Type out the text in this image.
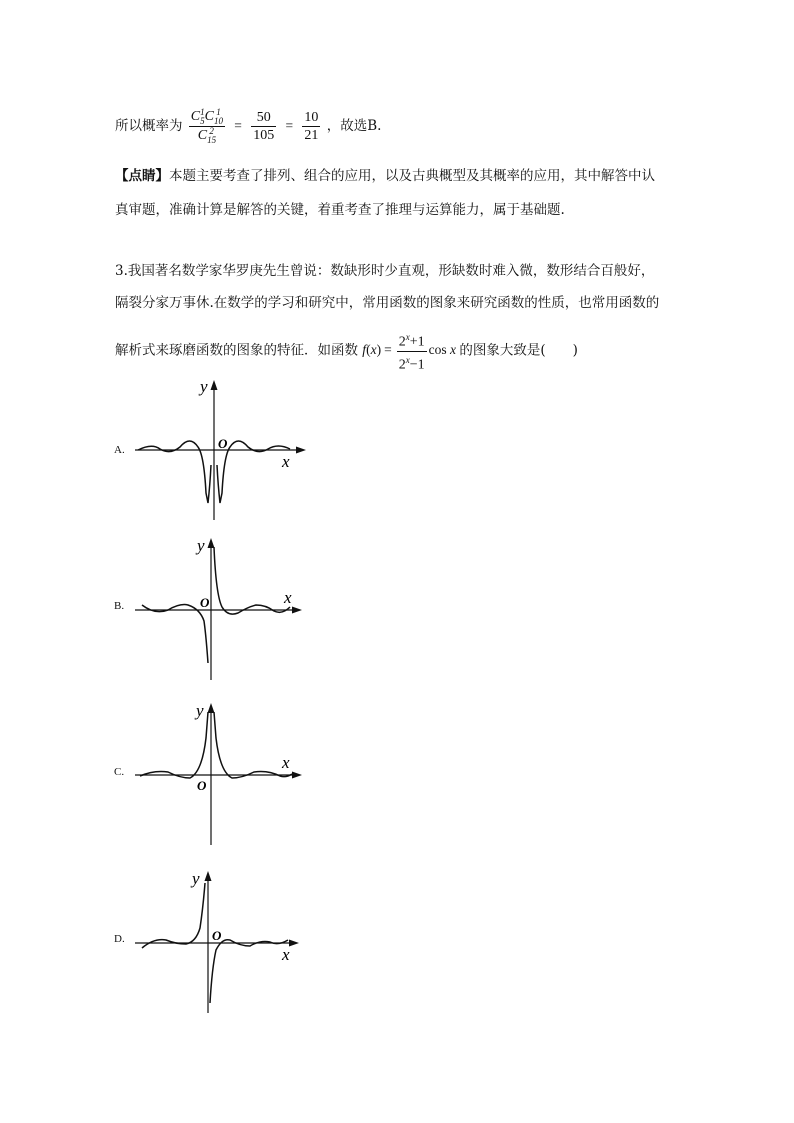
所以概率为 C 1
5 C 1
10
C 2
$15 = \frac{50}{105} = \frac{10}{21}$ ，故选B.
【点睛】本题主要考查了排列、组合的应用，以及古典概型及其概率的应用，其中解答中认
真审题，准确计算是解答的关键，着重考查了推理与运算能力，属于基础题.
3.我国著名数学家华罗庚先生曾说：数缺形时少直观，形缺数时难入微，数形结合百般好，
隔裂分家万事休.在数学的学习和研究中，常用函数的图象来研究函数的性质，也常用函数的
解析式来琢磨函数的图象的特征．如函数 $f(x) = \frac{2^x+1}{2^x-1}$ cos x 的图象大致是(　　)
A.
B.
C.
D.
y
x
O
y
x
O
y
x
O
y
x
O
